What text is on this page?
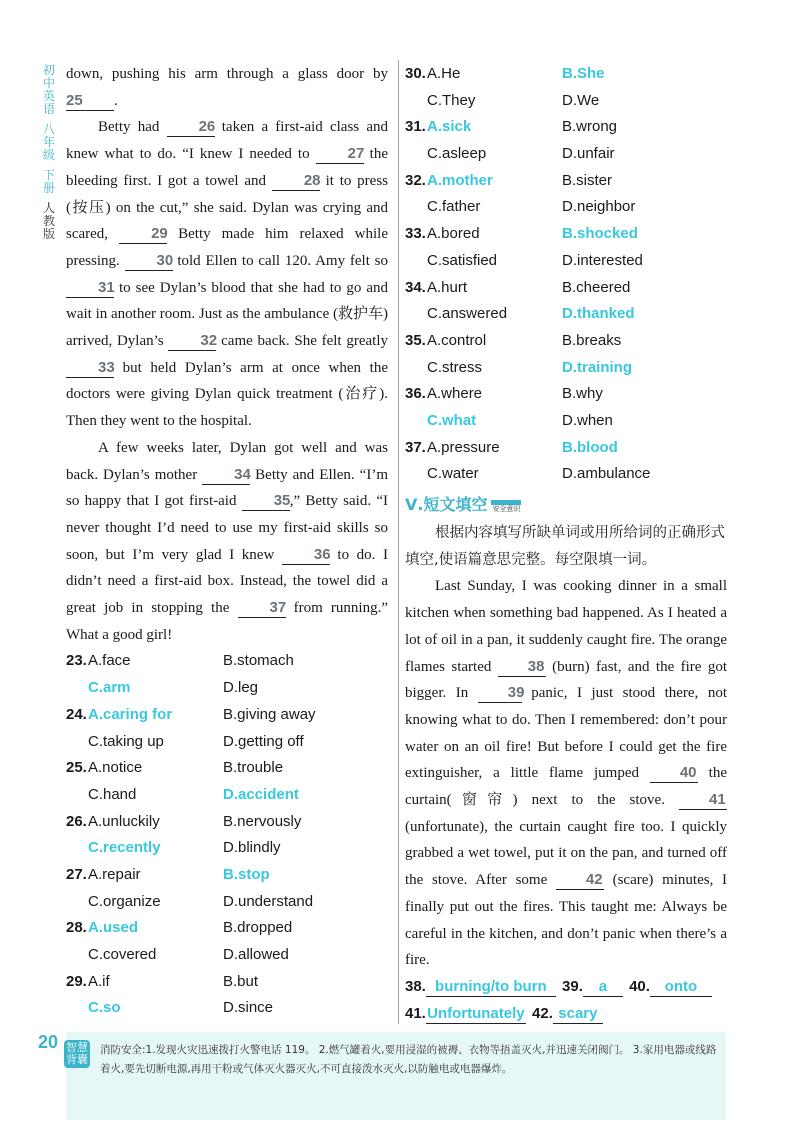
初
中
英
语
八
年
级
下
册
人
教
版

down, pushing his arm through a glass door by 25 .

Betty had 26 taken a first-aid class and knew what to do. “I knew I needed to 27 the bleeding first. I got a towel and 28 it to press (按压) on the cut,” she said. Dylan was crying and scared, 29 Betty made him relaxed while pressing. 30 told Ellen to call 120. Amy felt so 31 to see Dylan’s blood that she had to go and wait in another room. Just as the ambulance (救护车) arrived, Dylan’s 32 came back. She felt greatly 33 but held Dylan’s arm at once when the doctors were giving Dylan quick treatment (治疗). Then they went to the hospital.

A few weeks later, Dylan got well and was back. Dylan’s mother 34 Betty and Ellen. “I’m so happy that I got first-aid 35,” Betty said. “I never thought I’d need to use my first-aid skills so soon, but I’m very glad I knew 36 to do. I didn’t need a first-aid box. Instead, the towel did a great job in stopping the 37 from running.” What a good girl!

23. A.face	B.stomach
C.arm	D.leg
24. A.caring for	B.giving away
C.taking up	D.getting off
25. A.notice	B.trouble
C.hand	D.accident
26. A.unluckily	B.nervously
C.recently	D.blindly
27. A.repair	B.stop
C.organize	D.understand
28. A.used	B.dropped
C.covered	D.allowed
29. A.if	B.but
C.so	D.since
30. A.He	B.She
C.They	D.We
31. A.sick	B.wrong
C.asleep	D.unfair
32. A.mother	B.sister
C.father	D.neighbor
33. A.bored	B.shocked
C.satisfied	D.interested
34. A.hurt	B.cheered
C.answered	D.thanked
35. A.control	B.breaks
C.stress	D.training
36. A.where	B.why
C.what	D.when
37. A.pressure	B.blood
C.water	D.ambulance
Ⅴ.短文填空 安全意识

根据内容填写所缺单词或用所给词的正确形式填空,使语篇意思完整。每空限填一词。

Last Sunday, I was cooking dinner in a small kitchen when something bad happened. As I heated a lot of oil in a pan, it suddenly caught fire. The orange flames started 38 (burn) fast, and the fire got bigger. In 39 panic, I just stood there, not knowing what to do. Then I remembered: don’t pour water on an oil fire! But before I could get the fire extinguisher, a little flame jumped 40 the curtain(窗帘) next to the stove. 41 (unfortunate), the curtain caught fire too. I quickly grabbed a wet towel, put it on the pan, and turned off the stove. After some 42 (scare) minutes, I finally put out the fires. This taught me: Always be careful in the kitchen, and don’t panic when there’s a fire.

38. burning/to burn 39. a 40. onto
41.Unfortunately 42. scary
20 智慧背囊
消防安全:1.发现火灾迅速拨打火警电话 119。 2.燃气罐着火,要用浸湿的被褥、衣物等捂盖灭火,并迅速关闭阀门。 3.家用电器或线路着火,要先切断电源,再用干粉或气体灭火器灭火,不可直接泼水灭火,以防触电或电器爆炸。
